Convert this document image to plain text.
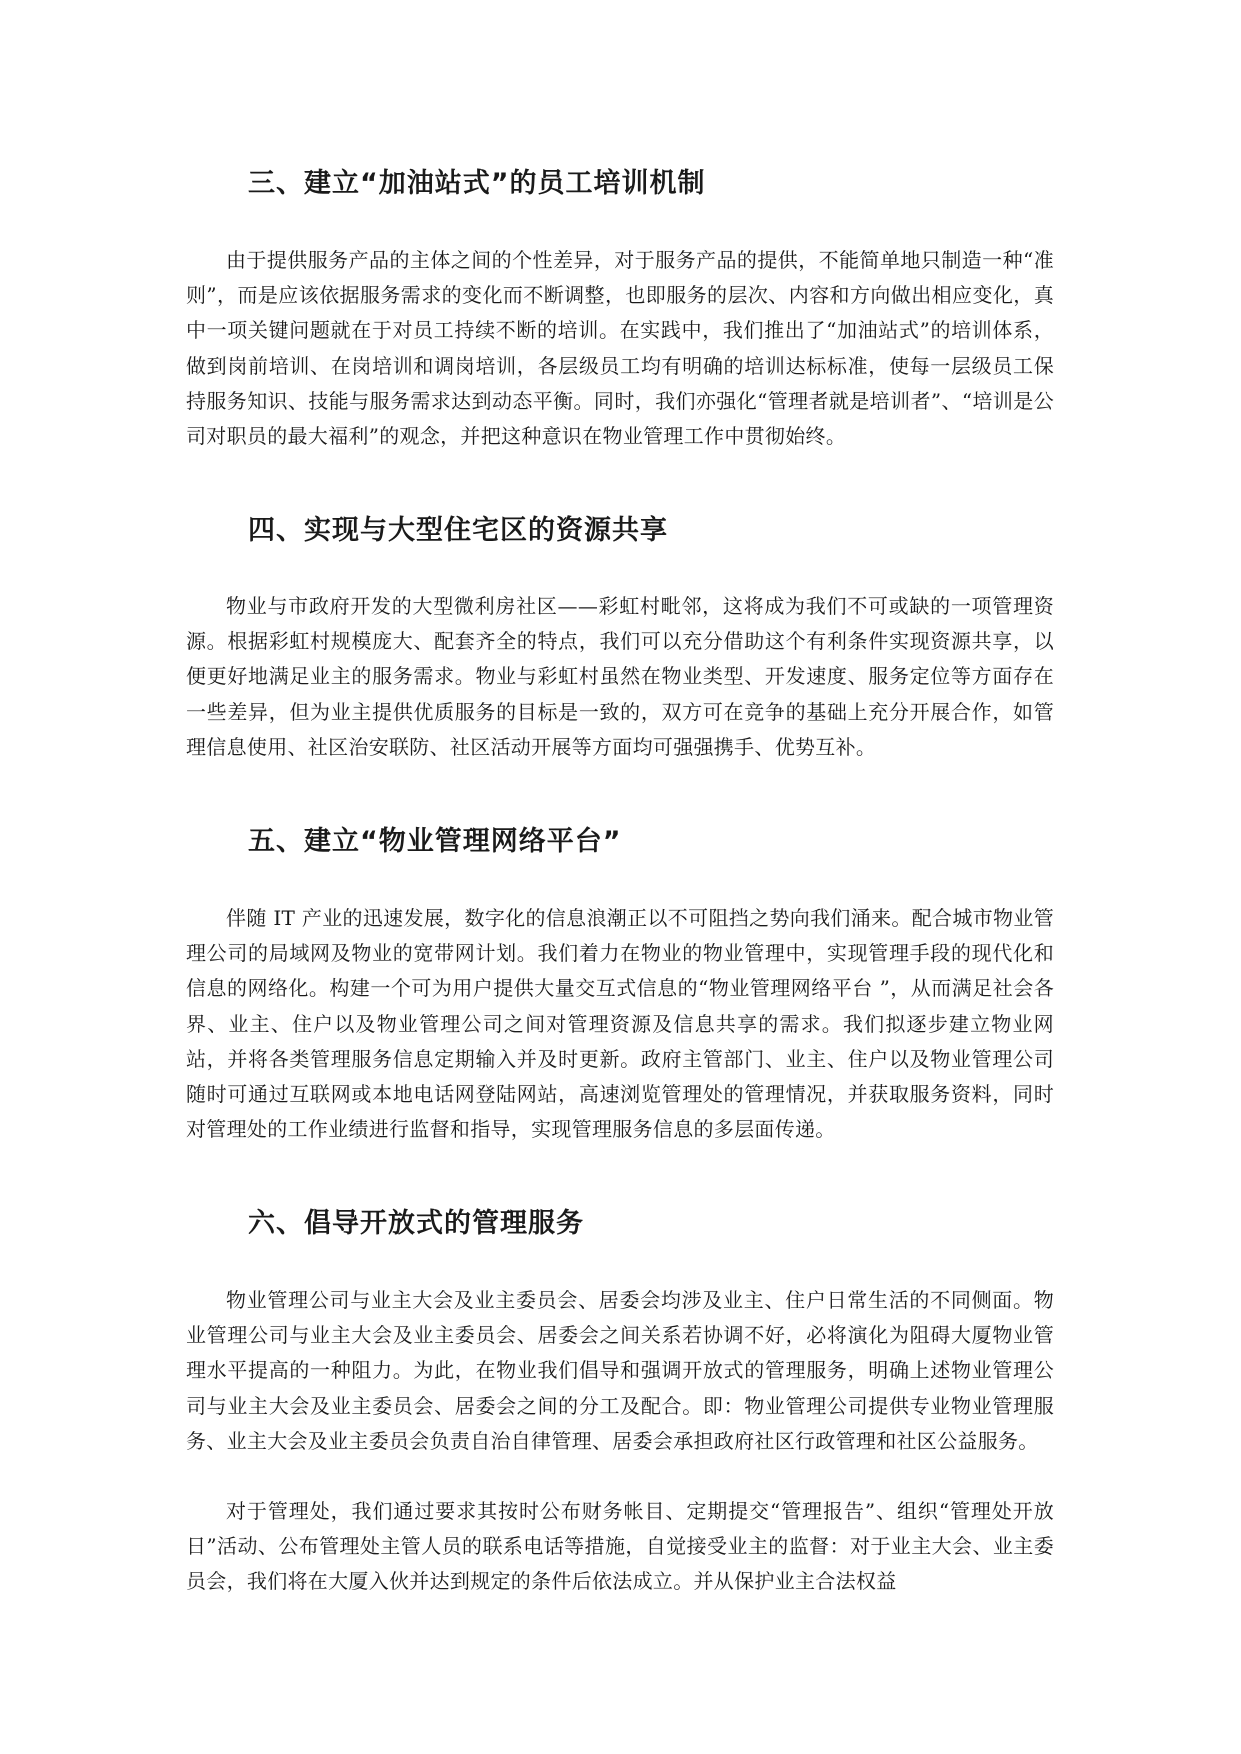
三、建立“加油站式”的员工培训机制

由于提供服务产品的主体之间的个性差异，对于服务产品的提供，不能简单地只制造一种“准则”，而是应该依据服务需求的变化而不断调整，也即服务的层次、内容和方向做出相应变化，真中一项关键问题就在于对员工持续不断的培训。在实践中，我们推出了“加油站式”的培训体系，做到岗前培训、在岗培训和调岗培训，各层级员工均有明确的培训达标标准，使每一层级员工保持服务知识、技能与服务需求达到动态平衡。同时，我们亦强化“管理者就是培训者”、“培训是公司对职员的最大福利”的观念，并把这种意识在物业管理工作中贯彻始终。

四、实现与大型住宅区的资源共享

物业与市政府开发的大型微利房社区——彩虹村毗邻，这将成为我们不可或缺的一项管理资源。根据彩虹村规模庞大、配套齐全的特点，我们可以充分借助这个有利条件实现资源共享，以便更好地满足业主的服务需求。物业与彩虹村虽然在物业类型、开发速度、服务定位等方面存在一些差异，但为业主提供优质服务的目标是一致的，双方可在竞争的基础上充分开展合作，如管理信息使用、社区治安联防、社区活动开展等方面均可强强携手、优势互补。

五、建立“物业管理网络平台”

伴随 IT 产业的迅速发展，数字化的信息浪潮正以不可阻挡之势向我们涌来。配合城市物业管理公司的局域网及物业的宽带网计划。我们着力在物业的物业管理中，实现管理手段的现代化和信息的网络化。构建一个可为用户提供大量交互式信息的“物业管理网络平台 ”，从而满足社会各界、业主、住户以及物业管理公司之间对管理资源及信息共享的需求。我们拟逐步建立物业网站，并将各类管理服务信息定期输入并及时更新。政府主管部门、业主、住户以及物业管理公司随时可通过互联网或本地电话网登陆网站，高速浏览管理处的管理情况，并获取服务资料，同时对管理处的工作业绩进行监督和指导，实现管理服务信息的多层面传递。

六、倡导开放式的管理服务

物业管理公司与业主大会及业主委员会、居委会均涉及业主、住户日常生活的不同侧面。物业管理公司与业主大会及业主委员会、居委会之间关系若协调不好，必将演化为阻碍大厦物业管理水平提高的一种阻力。为此，在物业我们倡导和强调开放式的管理服务，明确上述物业管理公司与业主大会及业主委员会、居委会之间的分工及配合。即：物业管理公司提供专业物业管理服务、业主大会及业主委员会负责自治自律管理、居委会承担政府社区行政管理和社区公益服务。

对于管理处，我们通过要求其按时公布财务帐目、定期提交“管理报告”、组织“管理处开放日”活动、公布管理处主管人员的联系电话等措施，自觉接受业主的监督：对于业主大会、业主委员会，我们将在大厦入伙并达到规定的条件后依法成立。并从保护业主合法权益
